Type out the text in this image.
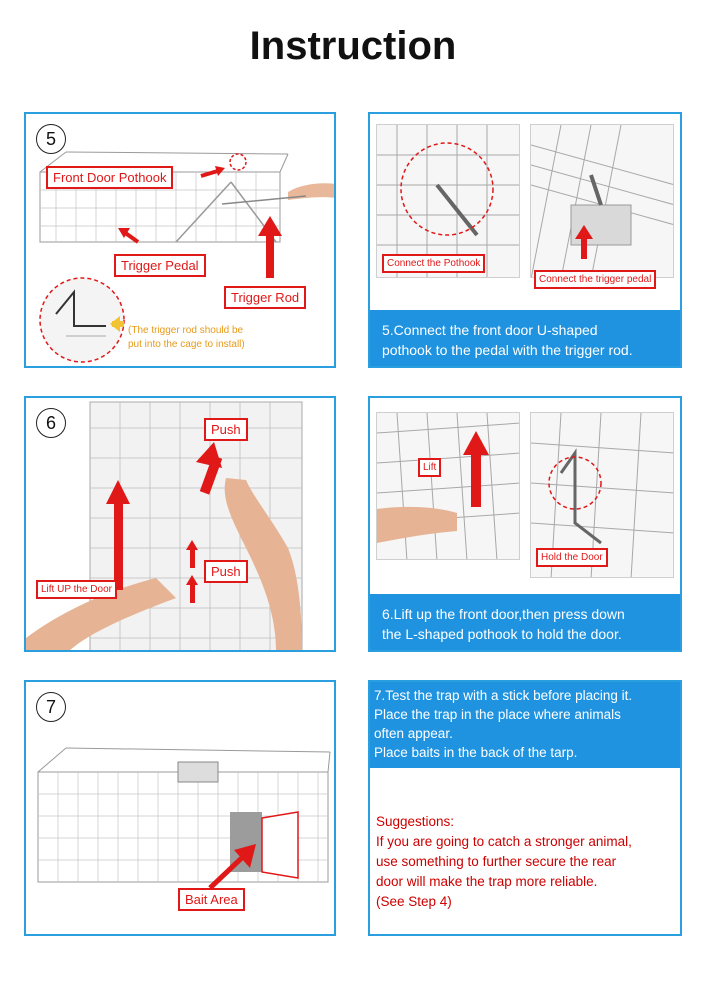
Instruction
5
Front Door Pothook
Trigger Pedal
Trigger Rod
(The trigger rod should be
put into the cage to install)
Connect the Pothook
Connect the trigger pedal
5.Connect the front door U-shaped
pothook to the pedal with the trigger rod.
6	Push
Push
Lift UP the Door
Lift
Hold the Door
6.Lift up the front door,then press down
the L-shaped pothook to hold the door.
7
Bait Area
7.Test the trap with a stick before placing it.
Place the trap in the place where animals
often appear.
Place baits in the back of the tarp.
Suggestions:
If you are going to catch a stronger animal,
use something to further secure the rear
door will make the trap more reliable.
(See Step 4)
